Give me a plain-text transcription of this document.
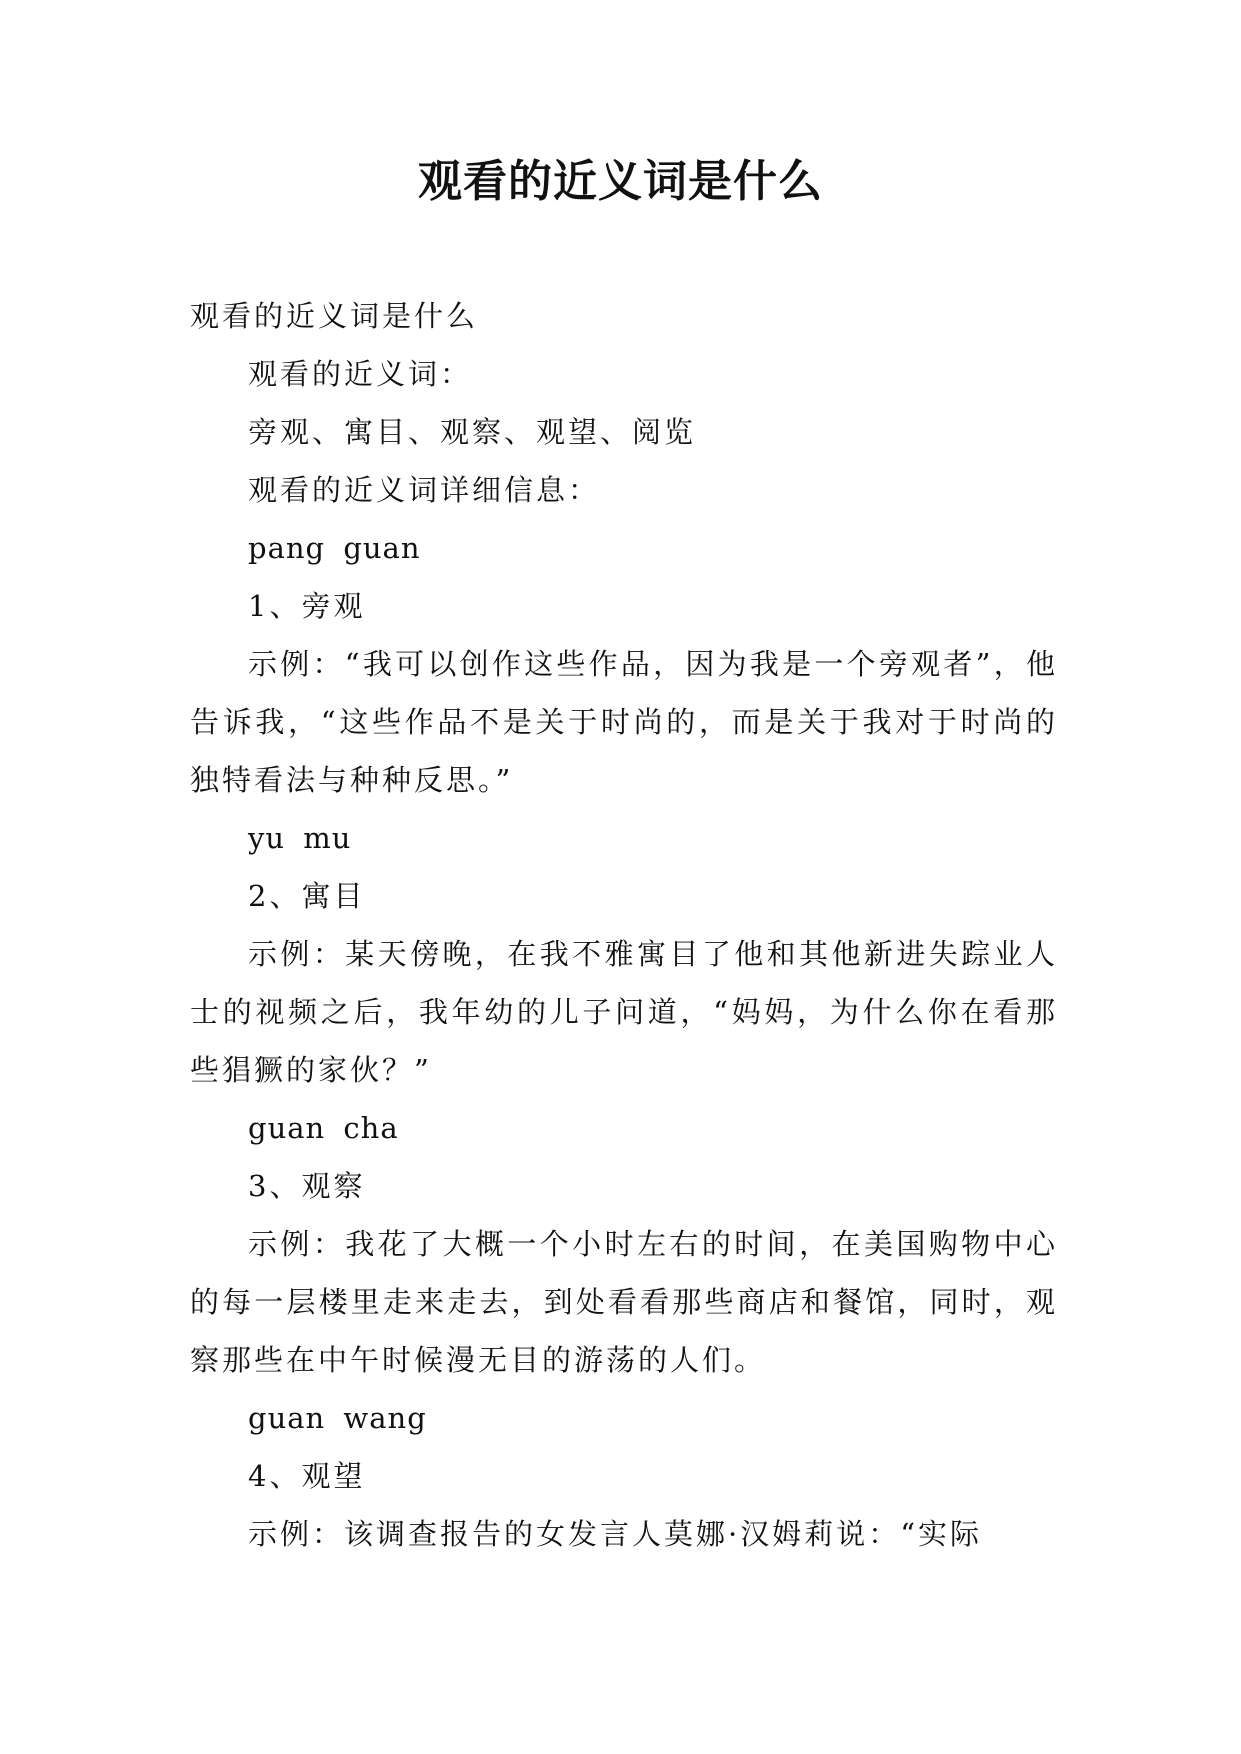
观看的近义词是什么

观看的近义词是什么

观看的近义词：

旁观、寓目、观察、观望、阅览

观看的近义词详细信息：

pang guan

1、旁观

示例：“我可以创作这些作品，因为我是一个旁观者”，他告诉我，“这些作品不是关于时尚的，而是关于我对于时尚的独特看法与种种反思。”

yu mu

2、寓目

示例：某天傍晚，在我不雅寓目了他和其他新进失踪业人士的视频之后，我年幼的儿子问道，“妈妈，为什么你在看那些猖獗的家伙？”

guan cha

3、观察

示例：我花了大概一个小时左右的时间，在美国购物中心的每一层楼里走来走去，到处看看那些商店和餐馆，同时，观察那些在中午时候漫无目的游荡的人们。

guan wang

4、观望

示例：该调查报告的女发言人莫娜·汉姆莉说：“实际
